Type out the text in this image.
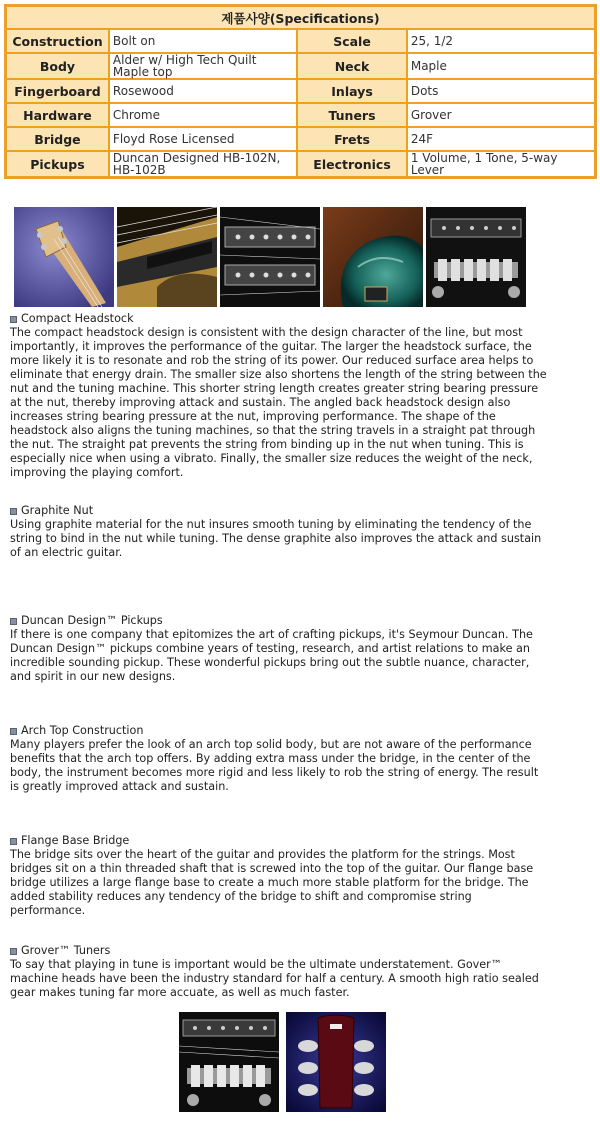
제품사양(Specifications)			
Construction	Bolt on	Scale	25, 1/2
Body	Alder w/ High Tech Quilt Maple top	Neck	Maple
Fingerboard	Rosewood	Inlays	Dots
Hardware	Chrome	Tuners	Grover
Bridge	Floyd Rose Licensed	Frets	24F
Pickups	Duncan Designed HB-102N, HB-102B	Electronics	1 Volume, 1 Tone, 5-way Lever
Compact Headstock
The compact headstock design is consistent with the design character of the line, but most importantly, it improves the performance of the guitar. The larger the headstock surface, the more likely it is to resonate and rob the string of its power. Our reduced surface area helps to eliminate that energy drain. The smaller size also shortens the length of the string between the nut and the tuning machine. This shorter string length creates greater string bearing pressure at the nut, thereby improving attack and sustain. The angled back headstock design also increases string bearing pressure at the nut, improving performance. The shape of the headstock also aligns the tuning machines, so that the string travels in a straight pat through the nut. The straight pat prevents the string from binding up in the nut when tuning. This is especially nice when using a vibrato. Finally, the smaller size reduces the weight of the neck, improving the playing comfort.
Graphite Nut
Using graphite material for the nut insures smooth tuning by eliminating the tendency of the string to bind in the nut while tuning. The dense graphite also improves the attack and sustain of an electric guitar.
Duncan Design™ Pickups
If there is one company that epitomizes the art of crafting pickups, it's Seymour Duncan. The Duncan Design™ pickups combine years of testing, research, and artist relations to make an incredible sounding pickup. These wonderful pickups bring out the subtle nuance, character, and spirit in our new designs.
Arch Top Construction
Many players prefer the look of an arch top solid body, but are not aware of the performance benefits that the arch top offers. By adding extra mass under the bridge, in the center of the body, the instrument becomes more rigid and less likely to rob the string of energy. The result is greatly improved attack and sustain.
Flange Base Bridge
The bridge sits over the heart of the guitar and provides the platform for the strings. Most bridges sit on a thin threaded shaft that is screwed into the top of the guitar. Our flange base bridge utilizes a large flange base to create a much more stable platform for the bridge. The added stability reduces any tendency of the bridge to shift and compromise string performance.
Grover™ Tuners
To say that playing in tune is important would be the ultimate understatement. Gover™ machine heads have been the industry standard for half a century. A smooth high ratio sealed gear makes tuning far more accuate, as well as much faster.
